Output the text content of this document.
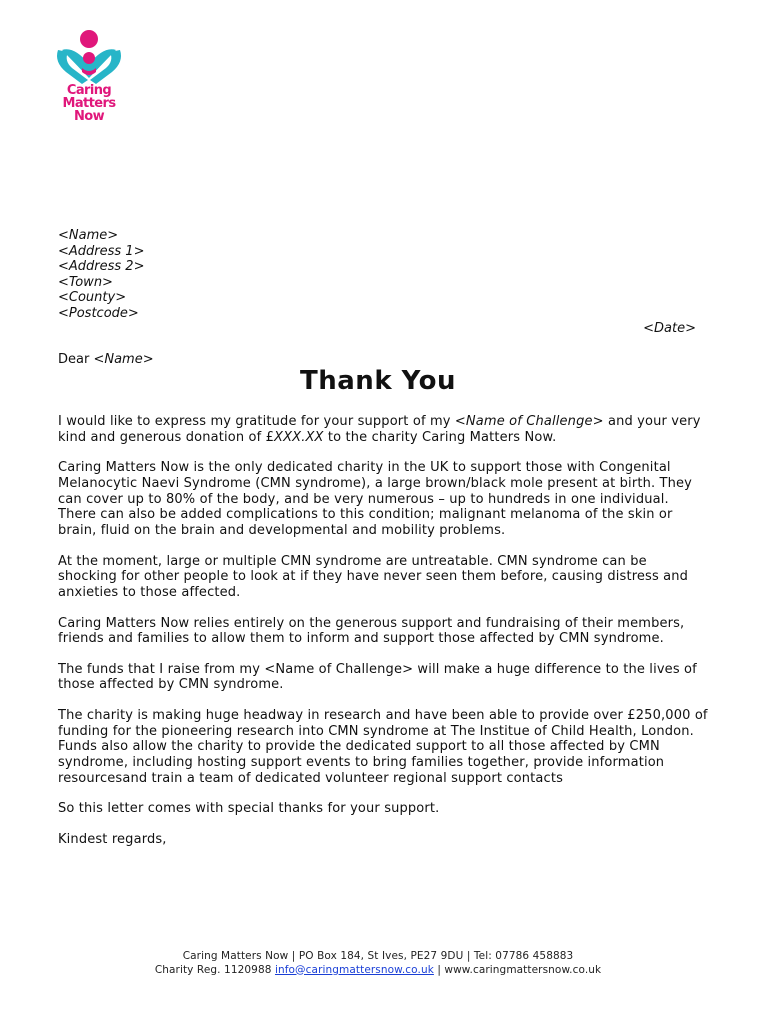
Caring
Matters
Now
<Name>
<Address 1>
<Address 2>
<Town>
<County>
<Postcode>
<Date>
Dear <Name>
Thank You

I would like to express my gratitude for your support of my <Name of Challenge> and your very kind and generous donation of £XXX.XX to the charity Caring Matters Now.

Caring Matters Now is the only dedicated charity in the UK to support those with Congenital Melanocytic Naevi Syndrome (CMN syndrome), a large brown/black mole present at birth. They can cover up to 80% of the body, and be very numerous – up to hundreds in one individual. There can also be added complications to this condition; malignant melanoma of the skin or brain, fluid on the brain and developmental and mobility problems.

At the moment, large or multiple CMN syndrome are untreatable. CMN syndrome can be shocking for other people to look at if they have never seen them before, causing distress and anxieties to those affected.

Caring Matters Now relies entirely on the generous support and fundraising of their members, friends and families to allow them to inform and support those affected by CMN syndrome.

The funds that I raise from my <Name of Challenge> will make a huge difference to the lives of those affected by CMN syndrome.

The charity is making huge headway in research and have been able to provide over £250,000 of funding for the pioneering research into CMN syndrome at The Institue of Child Health, London. Funds also allow the charity to provide the dedicated support to all those affected by CMN syndrome, including hosting support events to bring families together, provide information resourcesand train a team of dedicated volunteer regional support contacts

So this letter comes with special thanks for your support.

Kindest regards,

Caring Matters Now | PO Box 184, St Ives, PE27 9DU | Tel: 07786 458883
Charity Reg. 1120988 info@caringmattersnow.co.uk | www.caringmattersnow.co.uk
